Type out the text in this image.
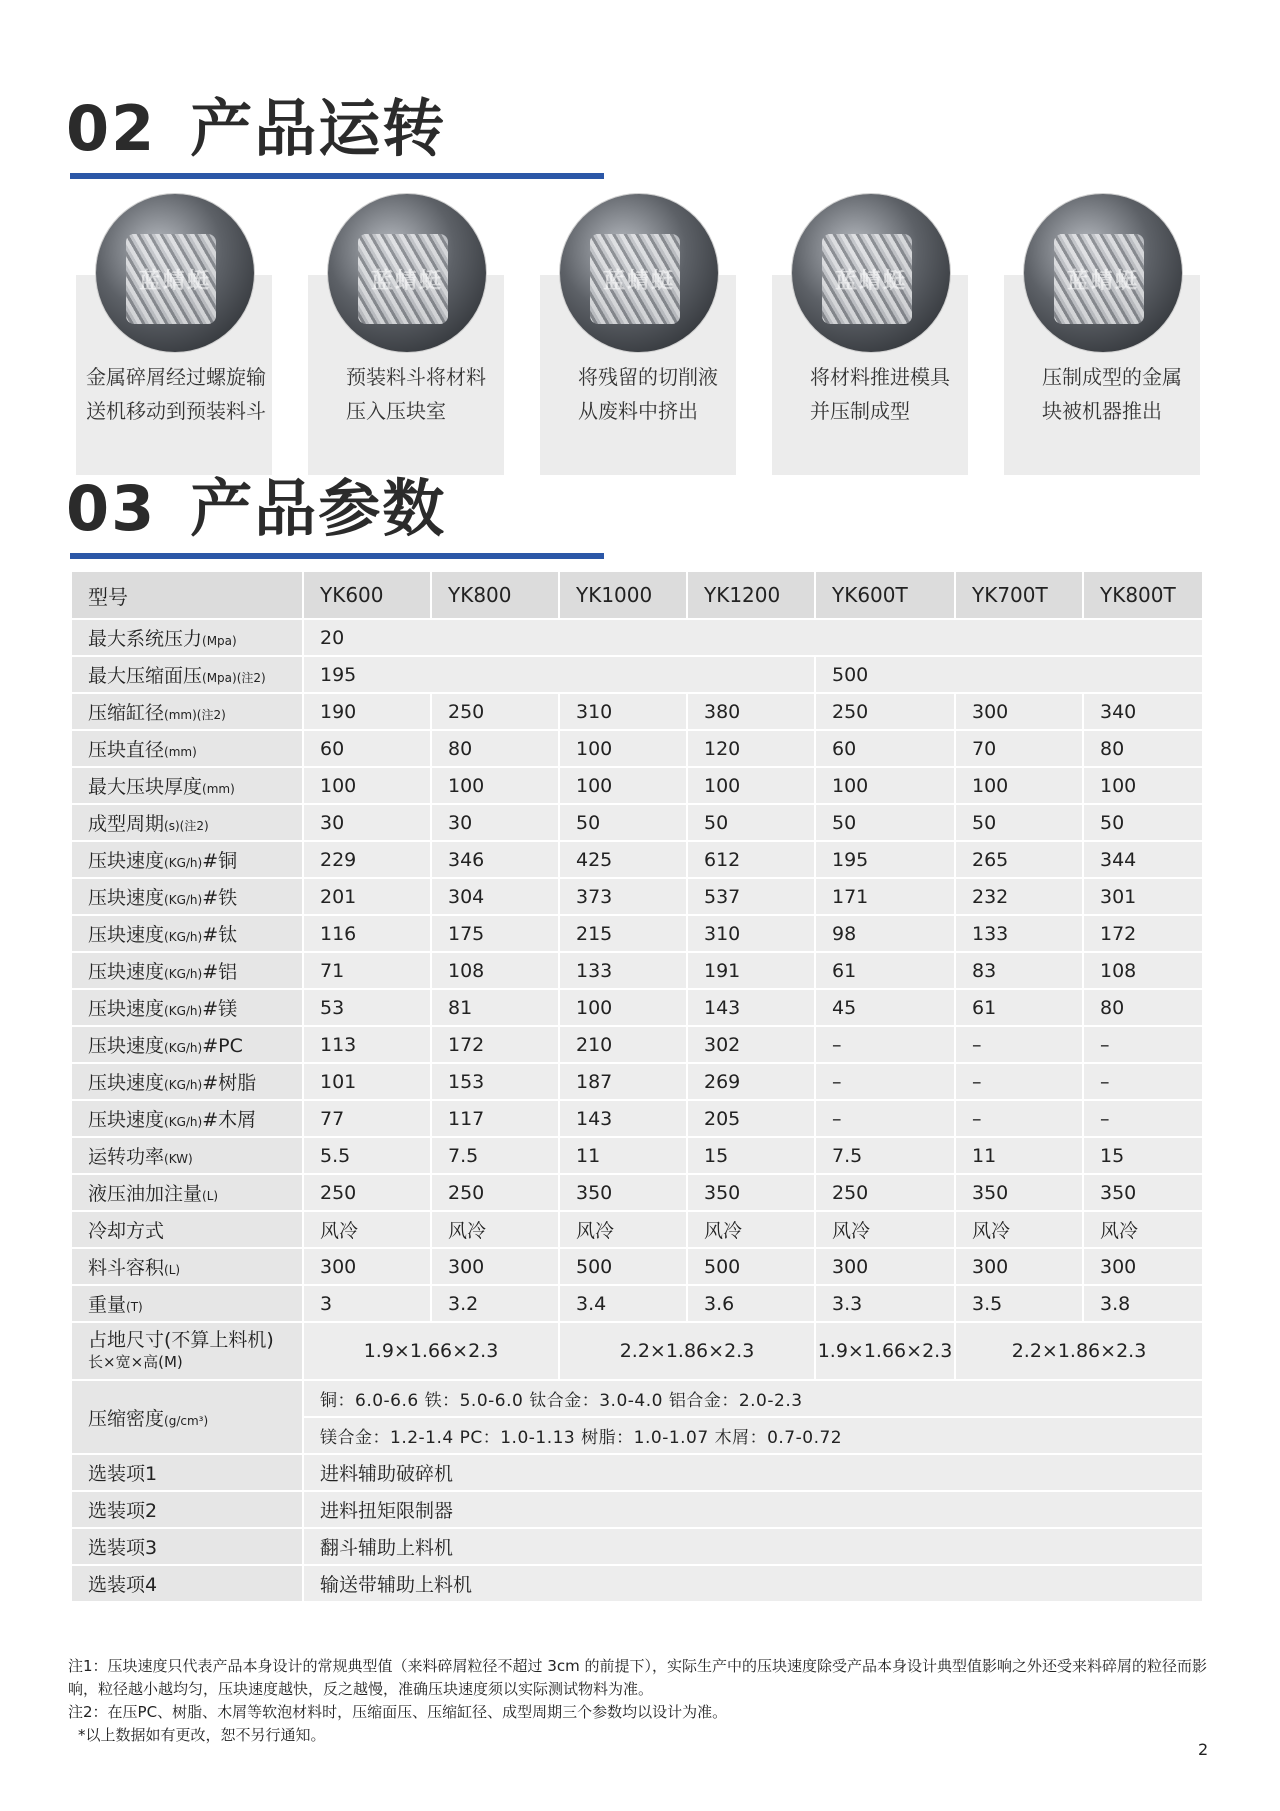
02 产品运转
蓝蜻蜓
金属碎屑经过螺旋输送机移动到预装料斗
蓝蜻蜓
预装料斗将材料压入压块室
蓝蜻蜓
将残留的切削液从废料中挤出
蓝蜻蜓
将材料推进模具并压制成型
蓝蜻蜓
压制成型的金属块被机器推出
03 产品参数
型号	YK600	YK800	YK1000	YK1200	YK600T	YK700T	YK800T
最大系统压力(Mpa)	20						
最大压缩面压(Mpa)(注2)	195				500		
压缩缸径(mm)(注2)	190	250	310	380	250	300	340
压块直径(mm)	60	80	100	120	60	70	80
最大压块厚度(mm)	100	100	100	100	100	100	100
成型周期(s)(注2)	30	30	50	50	50	50	50
压块速度(KG/h)#铜	229	346	425	612	195	265	344
压块速度(KG/h)#铁	201	304	373	537	171	232	301
压块速度(KG/h)#钛	116	175	215	310	98	133	172
压块速度(KG/h)#铝	71	108	133	191	61	83	108
压块速度(KG/h)#镁	53	81	100	143	45	61	80
压块速度(KG/h)#PC	113	172	210	302	–	–	–
压块速度(KG/h)#树脂	101	153	187	269	–	–	–
压块速度(KG/h)#木屑	77	117	143	205	–	–	–
运转功率(KW)	5.5	7.5	11	15	7.5	11	15
液压油加注量(L)	250	250	350	350	250	350	350
冷却方式	风冷	风冷	风冷	风冷	风冷	风冷	风冷
料斗容积(L)	300	300	500	500	300	300	300
重量(T)	3	3.2	3.4	3.6	3.3	3.5	3.8

占地尺寸(不算上料机)
长×宽×高(M)	1.9×1.66×2.3		2.2×1.86×2.3		1.9×1.66×2.3	2.2×1.86×2.3	
压缩密度(g/cm³)	铜：6.0-6.6 铁：5.0-6.0 钛合金：3.0-4.0 铝合金：2.0-2.3						
	镁合金：1.2-1.4 PC：1.0-1.13 树脂：1.0-1.07 木屑：0.7-0.72						
选装项1	进料辅助破碎机						
选装项2	进料扭矩限制器						
选装项3	翻斗辅助上料机						
选装项4	输送带辅助上料机						
注1：压块速度只代表产品本身设计的常规典型值（来料碎屑粒径不超过 3cm 的前提下），实际生产中的压块速度除受产品本身设计典型值影响之外还受来料碎屑的粒径而影响，粒径越小越均匀，压块速度越快，反之越慢，准确压块速度须以实际测试物料为准。
注2：在压PC、树脂、木屑等软泡材料时，压缩面压、压缩缸径、成型周期三个参数均以设计为准。
*以上数据如有更改，恕不另行通知。
2
